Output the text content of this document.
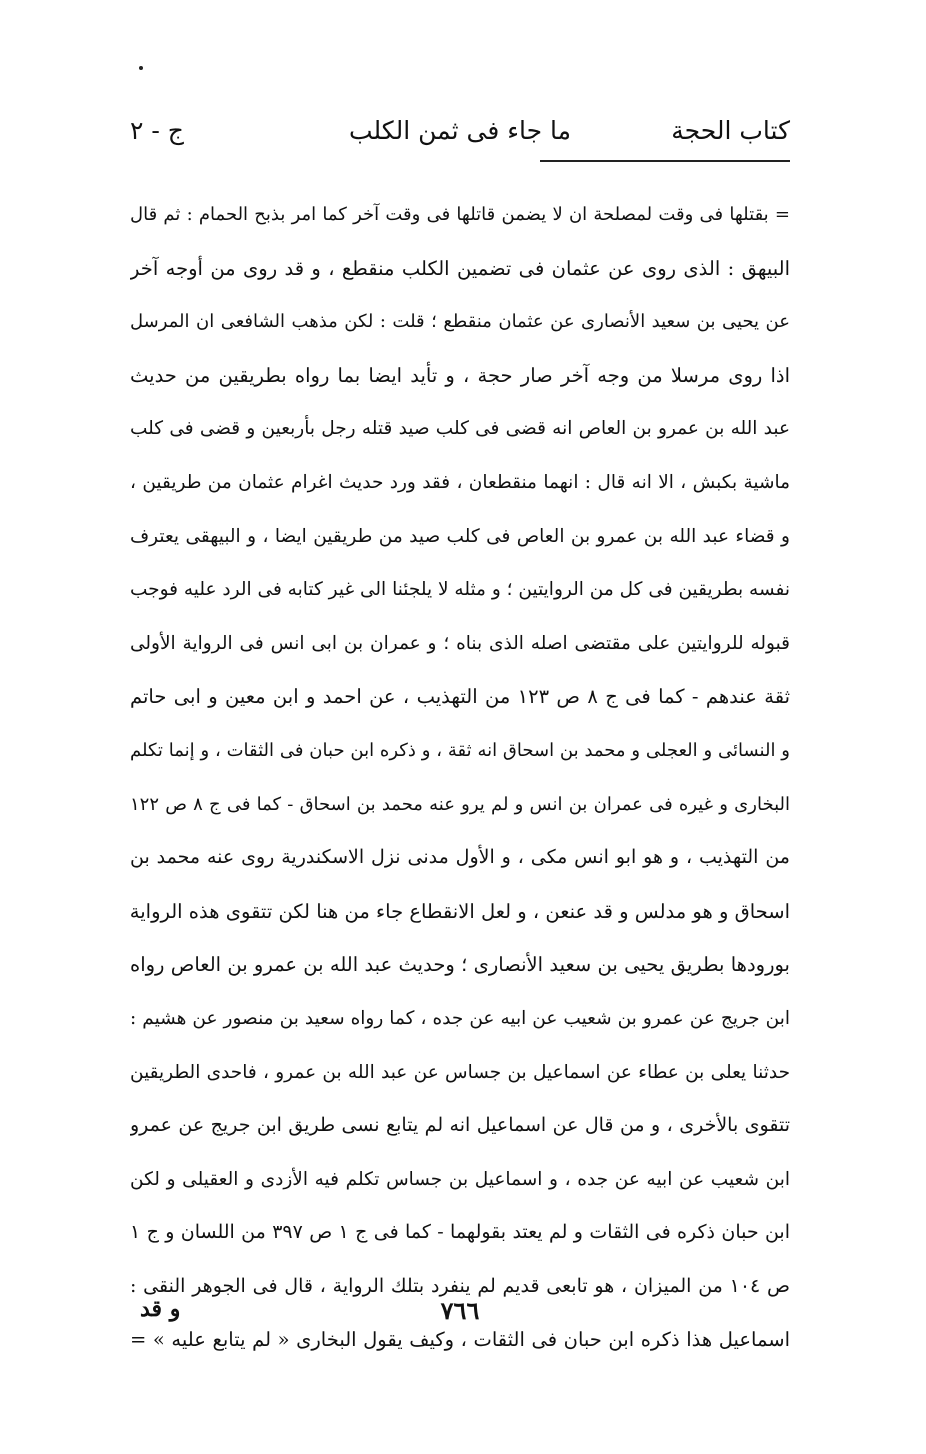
كتاب الحجة
ما جاء فى ثمن الكلب
ج - ٢
= بقتلها فى وقت لمصلحة ان لا يضمن قاتلها فى وقت آخر كما امر بذبح الحمام : ثم قال
البيهق : الذى روى عن عثمان فى تضمين الكلب منقطع ، و قد روى من أوجه آخر
عن يحيى بن سعيد الأنصارى عن عثمان منقطع ؛ قلت : لكن مذهب الشافعى ان المرسل
اذا روى مرسلا من وجه آخر صار حجة ، و تأيد ايضا بما رواه بطريقين من حديث
عبد الله بن عمرو بن العاص انه قضى فى كلب صيد قتله رجل بأربعين و قضى فى كلب
ماشية بكبش ، الا انه قال : انهما منقطعان ، فقد ورد حديث اغرام عثمان من طريقين ،
و قضاء عبد الله بن عمرو بن العاص فى كلب صيد من طريقين ايضا ، و البيهقى يعترف
نفسه بطريقين فى كل من الروايتين ؛ و مثله لا يلجئنا الى غير كتابه فى الرد عليه فوجب
قبوله للروايتين على مقتضى اصله الذى بناه ؛ و عمران بن ابى انس فى الرواية الأولى
ثقة عندهم - كما فى ج ٨ ص ١٢٣ من التهذيب ، عن احمد و ابن معين و ابى حاتم
و النسائى و العجلى و محمد بن اسحاق انه ثقة ، و ذكره ابن حبان فى الثقات ، و إنما تكلم
البخارى و غيره فى عمران بن انس و لم يرو عنه محمد بن اسحاق - كما فى ج ٨ ص ١٢٢
من التهذيب ، و هو ابو انس مكى ، و الأول مدنى نزل الاسكندرية روى عنه محمد بن
اسحاق و هو مدلس و قد عنعن ، و لعل الانقطاع جاء من هنا لكن تتقوى هذه الرواية
بورودها بطريق يحيى بن سعيد الأنصارى ؛ وحديث عبد الله بن عمرو بن العاص رواه
ابن جريج عن عمرو بن شعيب عن ابيه عن جده ، كما رواه سعيد بن منصور عن هشيم :
حدثنا يعلى بن عطاء عن اسماعيل بن جساس عن عبد الله بن عمرو ، فاحدى الطريقين
تتقوى بالأخرى ، و من قال عن اسماعيل انه لم يتابع نسى طريق ابن جريج عن عمرو
ابن شعيب عن ابيه عن جده ، و اسماعيل بن جساس تكلم فيه الأزدى و العقيلى و لكن
ابن حبان ذكره فى الثقات و لم يعتد بقولهما - كما فى ج ١ ص ٣٩٧ من اللسان و ج ١
ص ١٠٤ من الميزان ، هو تابعى قديم لم ينفرد بتلك الرواية ، قال فى الجوهر النقى :
اسماعيل هذا ذكره ابن حبان فى الثقات ، وكيف يقول البخارى « لم يتابع عليه » =
٧٦٦
و قد
